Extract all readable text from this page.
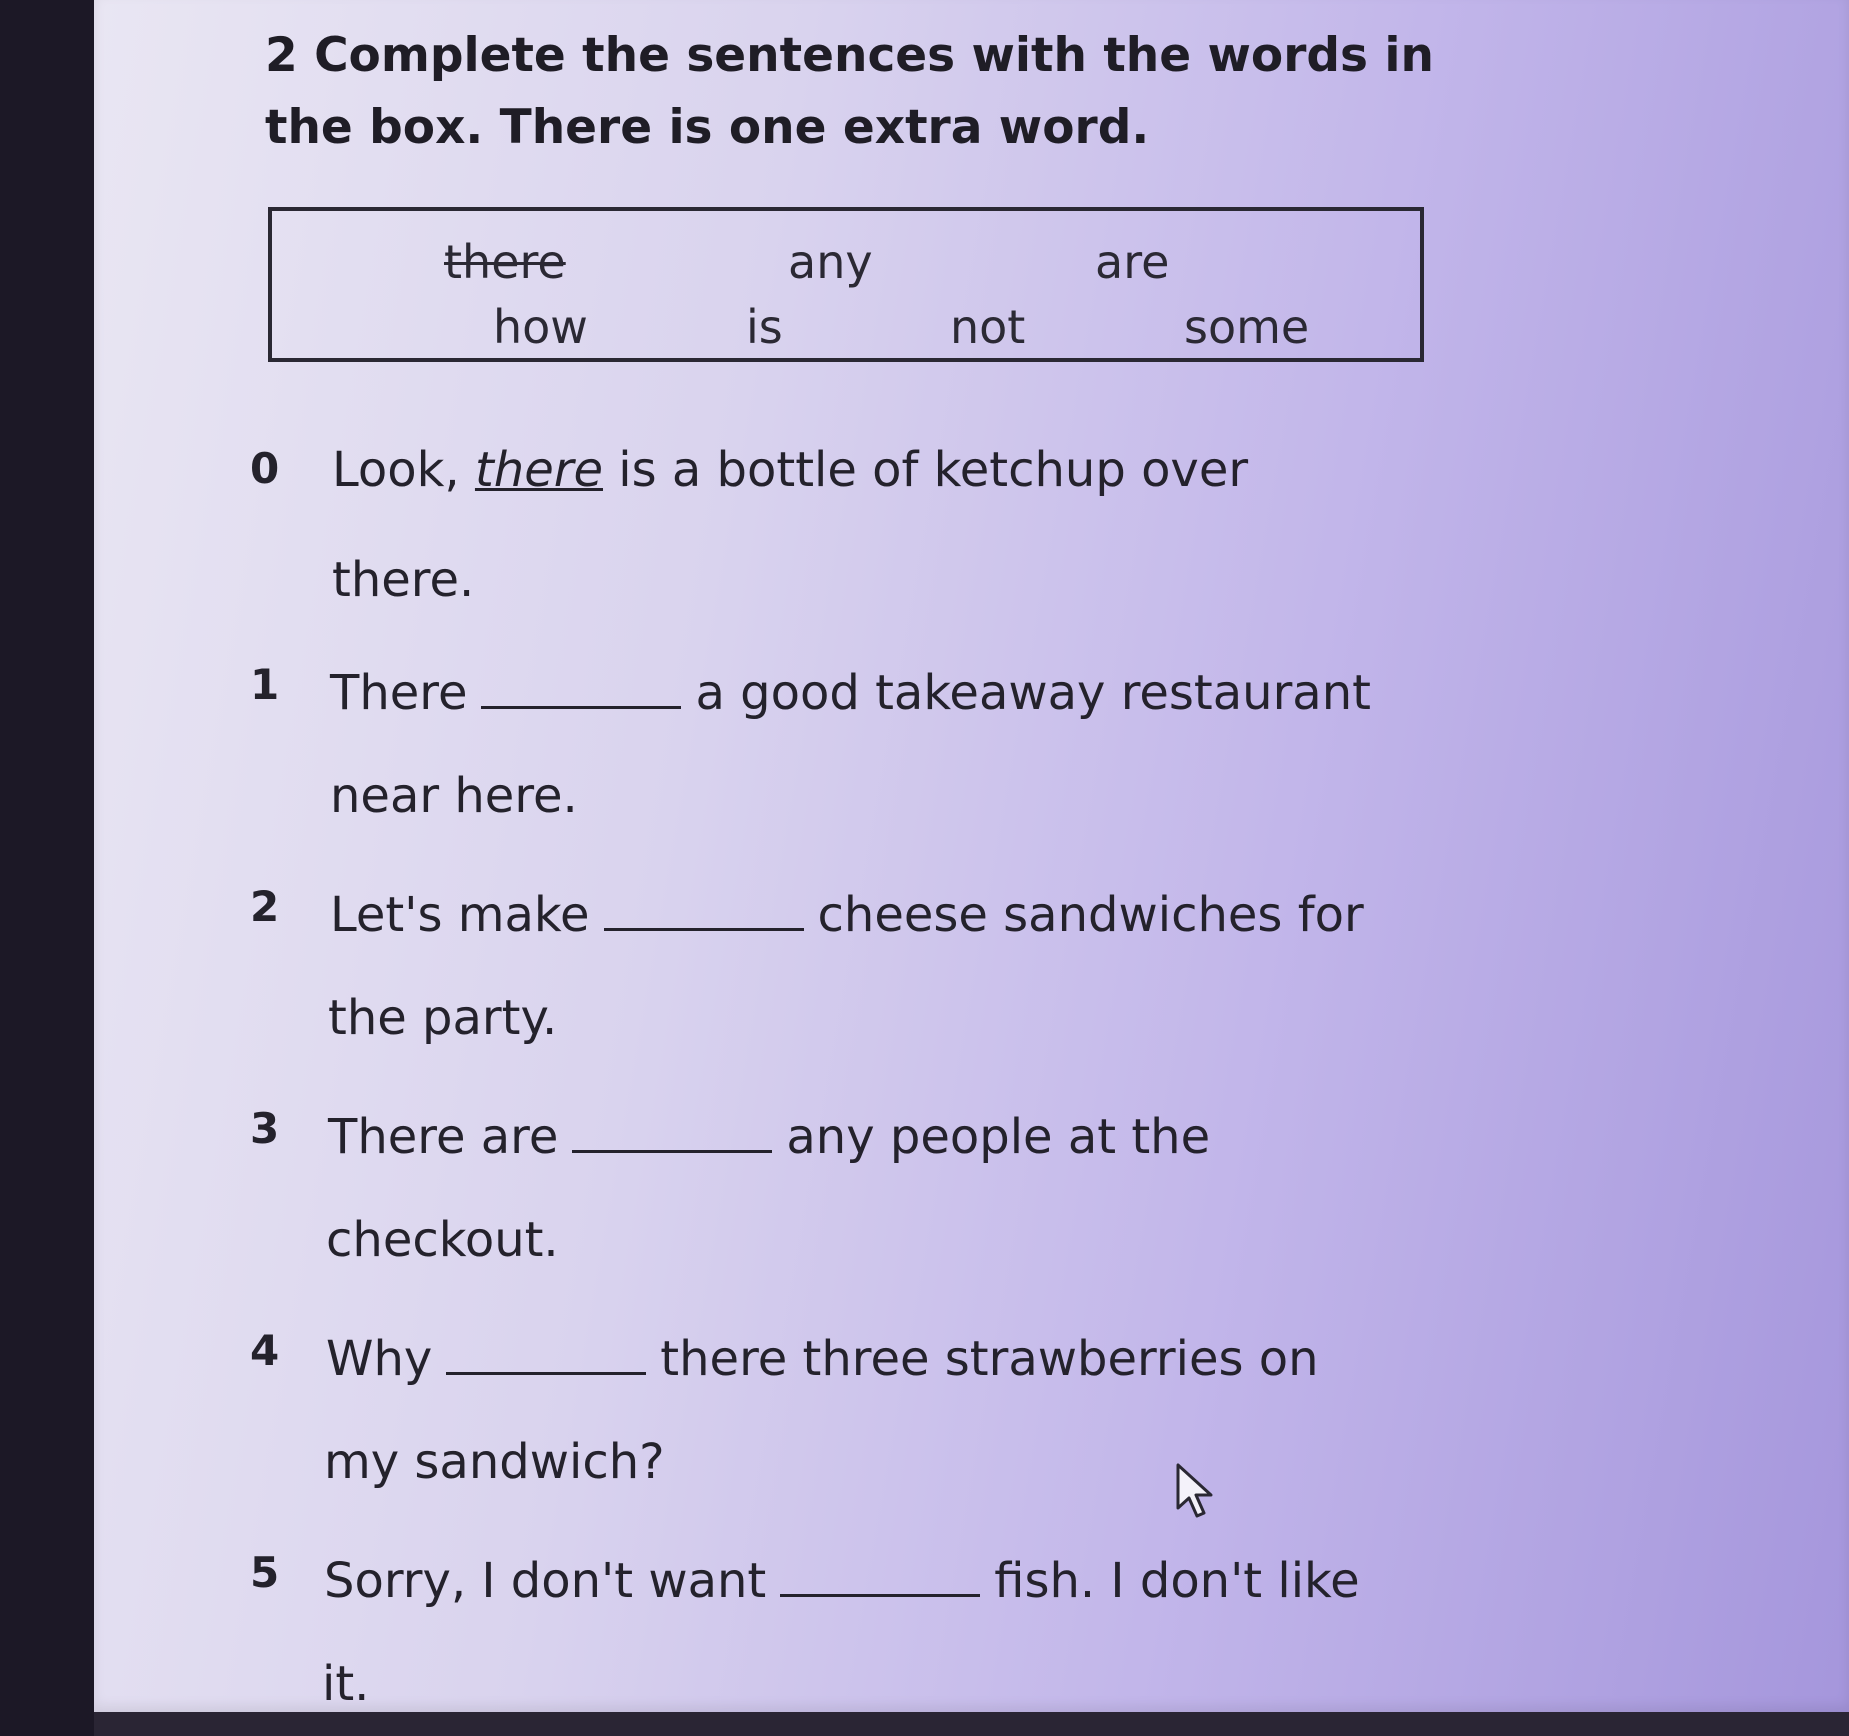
2 Complete the sentences with the words in the box. There is one extra word.
there	any	are
how	is	not	some
0 Look, there is a bottle of ketchup over
there.
1 There	a good takeaway restaurant
near here.
2 Let's make	cheese sandwiches for
the party.
3 There are	any people at the
checkout.
4 Why	there three strawberries on
my sandwich?
5 Sorry, I don't want	fish. I don't like
it.
